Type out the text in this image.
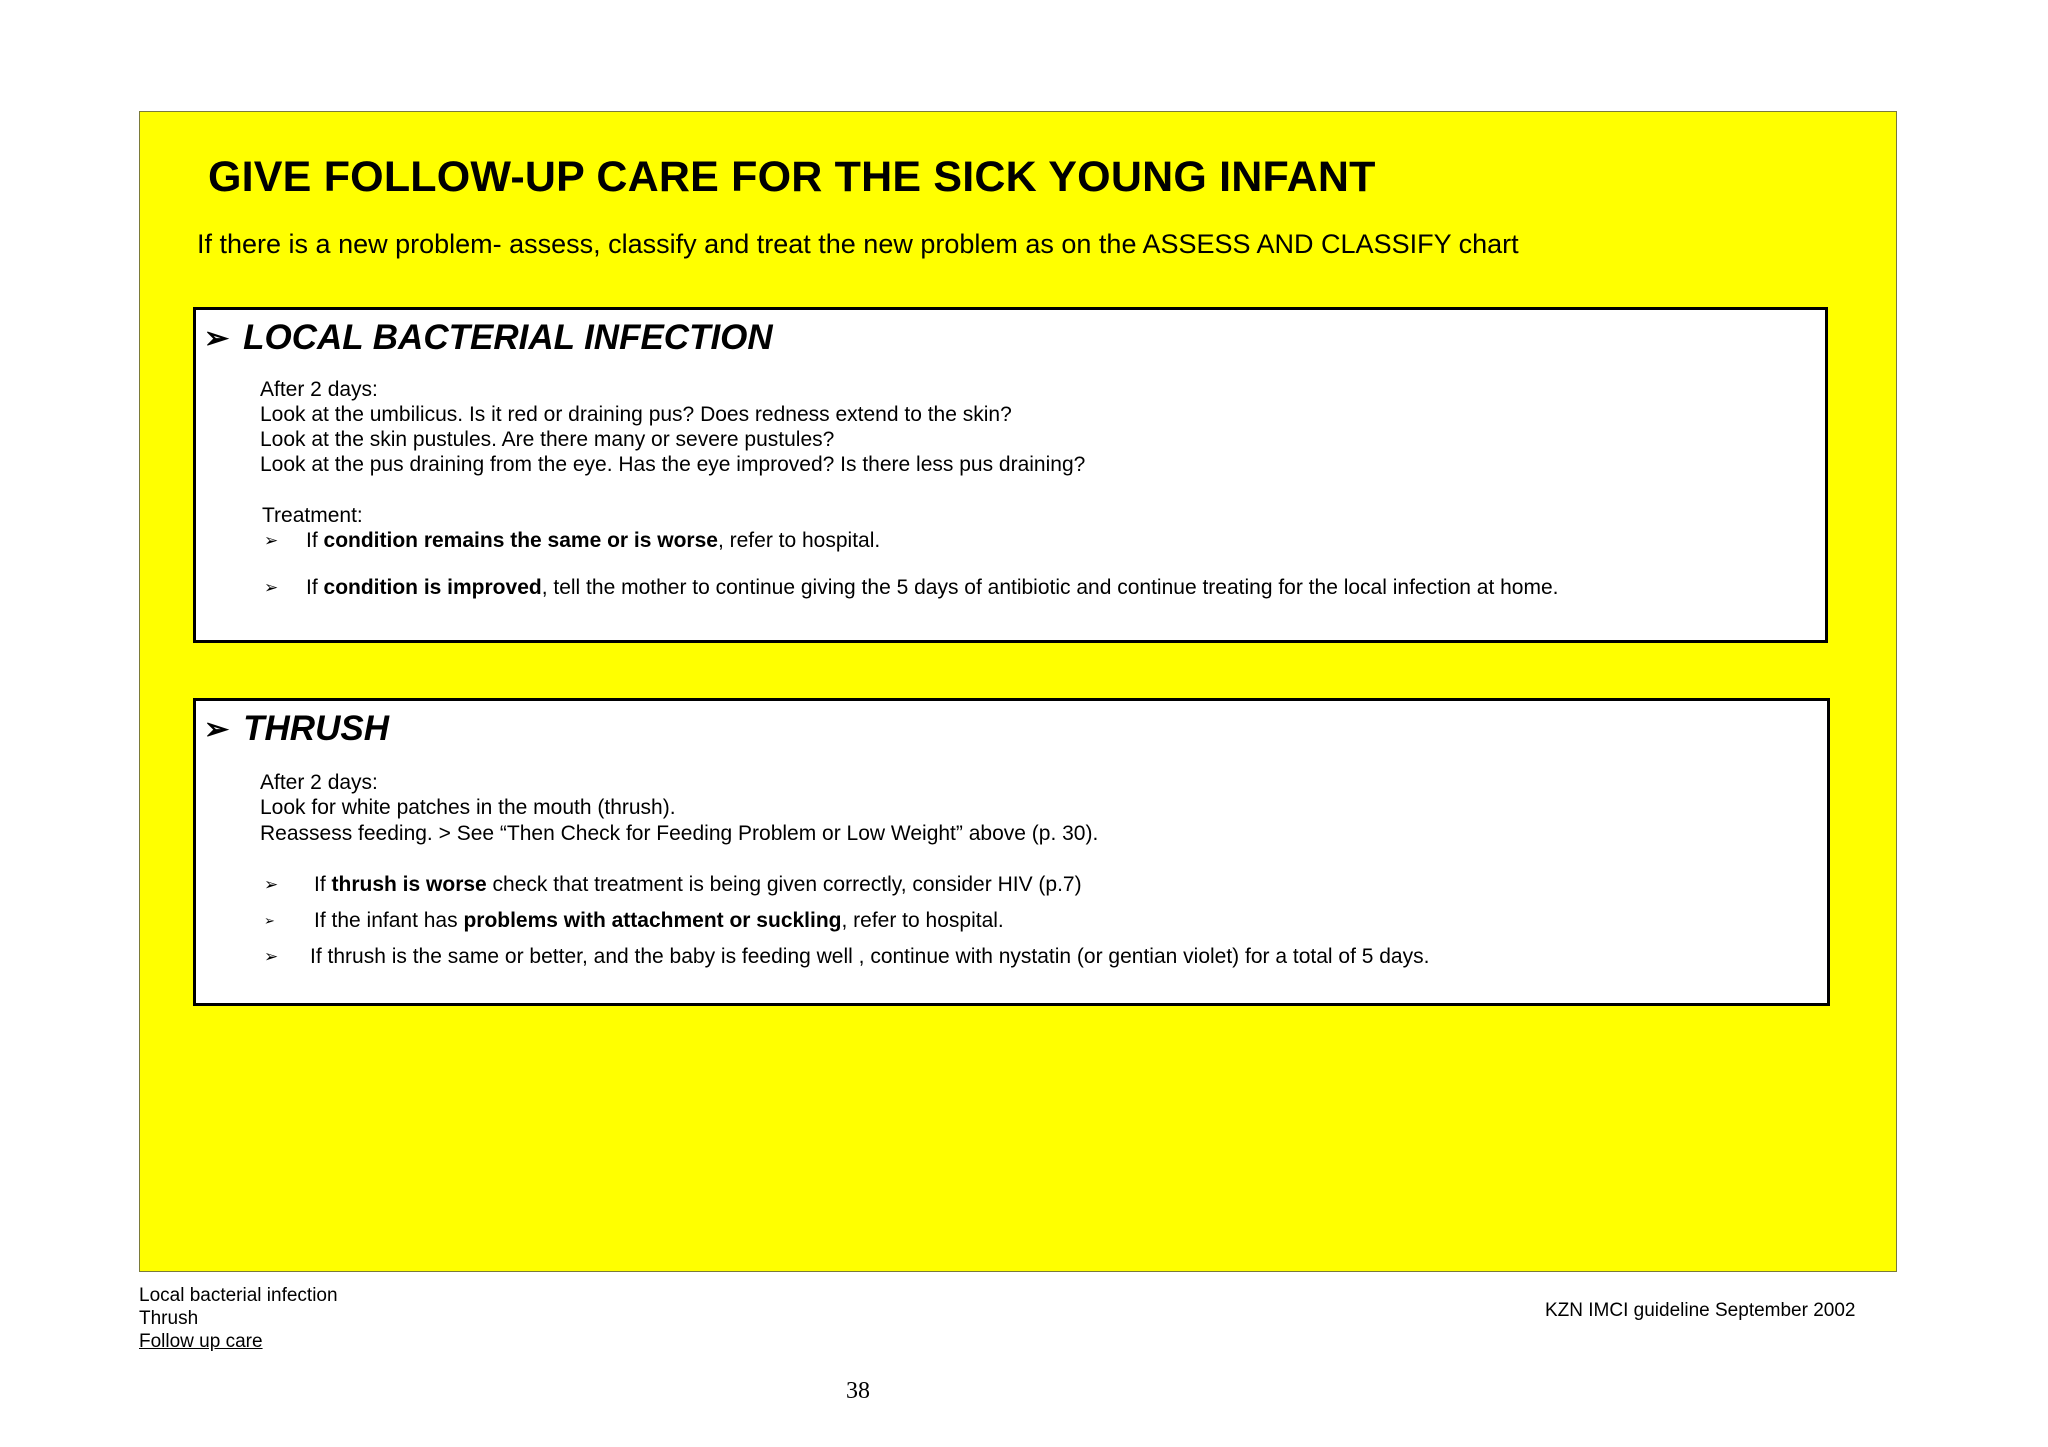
GIVE FOLLOW-UP CARE FOR THE SICK YOUNG INFANT
If there is a new problem- assess, classify and treat the new problem as on the ASSESS AND CLASSIFY chart
➢ LOCAL BACTERIAL INFECTION
After 2 days:
Look at the umbilicus. Is it red or draining pus? Does redness extend to the skin?
Look at the skin pustules. Are there many or severe pustules?
Look at the pus draining from the eye. Has the eye improved? Is there less pus draining?
Treatment:
➢	If condition remains the same or is worse, refer to hospital.
➢	If condition is improved, tell the mother to continue giving the 5 days of antibiotic and continue treating for the local infection at home.
➢ THRUSH
After 2 days:
Look for white patches in the mouth (thrush).
Reassess feeding. > See “Then Check for Feeding Problem or Low Weight” above (p. 30).
➢	If thrush is worse check that treatment is being given correctly, consider HIV (p.7)
➢	If the infant has problems with attachment or suckling, refer to hospital.
➢	If thrush is the same or better, and the baby is feeding well , continue with nystatin (or gentian violet) for a total of 5 days.
Local bacterial infection
Thrush
Follow up care
KZN IMCI guideline September 2002
38
